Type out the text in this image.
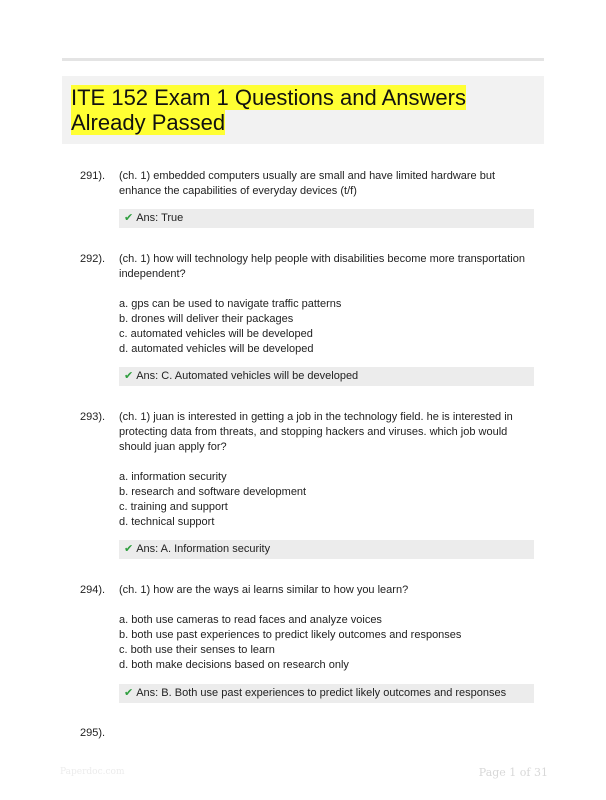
ITE 152 Exam 1 Questions and Answers Already Passed
291). (ch. 1) embedded computers usually are small and have limited hardware but enhance the capabilities of everyday devices (t/f)
✔ Ans: True
292). (ch. 1) how will technology help people with disabilities become more transportation independent?
a. gps can be used to navigate traffic patterns
b. drones will deliver their packages
c. automated vehicles will be developed
d. automated vehicles will be developed
✔ Ans: C. Automated vehicles will be developed
293). (ch. 1) juan is interested in getting a job in the technology field. he is interested in protecting data from threats, and stopping hackers and viruses. which job would should juan apply for?
a. information security
b. research and software development
c. training and support
d. technical support
✔ Ans: A. Information security
294). (ch. 1) how are the ways ai learns similar to how you learn?
a. both use cameras to read faces and analyze voices
b. both use past experiences to predict likely outcomes and responses
c. both use their senses to learn
d. both make decisions based on research only
✔ Ans: B. Both use past experiences to predict likely outcomes and responses
295).
Paperdoc.com	Page 1 of 31
